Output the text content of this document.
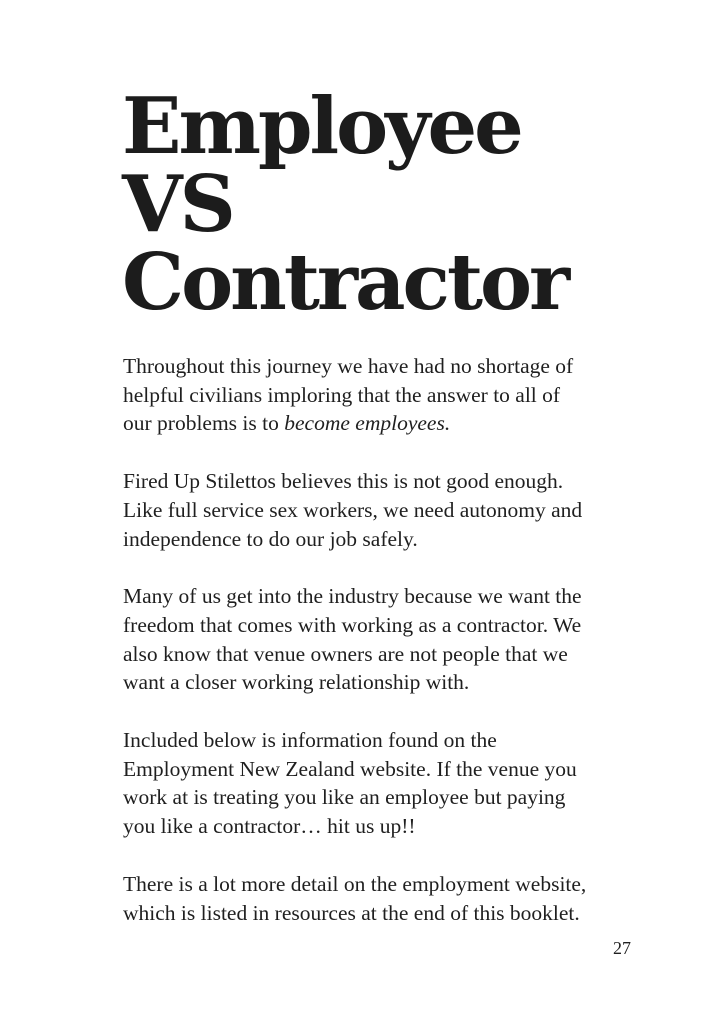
Employee
VS
Contractor

Throughout this journey we have had no shortage of
helpful civilians imploring that the answer to all of
our problems is to become employees.

Fired Up Stilettos believes this is not good enough.
Like full service sex workers, we need autonomy and
independence to do our job safely.

Many of us get into the industry because we want the
freedom that comes with working as a contractor. We
also know that venue owners are not people that we
want a closer working relationship with.

Included below is information found on the
Employment New Zealand website. If the venue you
work at is treating you like an employee but paying
you like a contractor… hit us up!!

There is a lot more detail on the employment website,
which is listed in resources at the end of this booklet.

27
